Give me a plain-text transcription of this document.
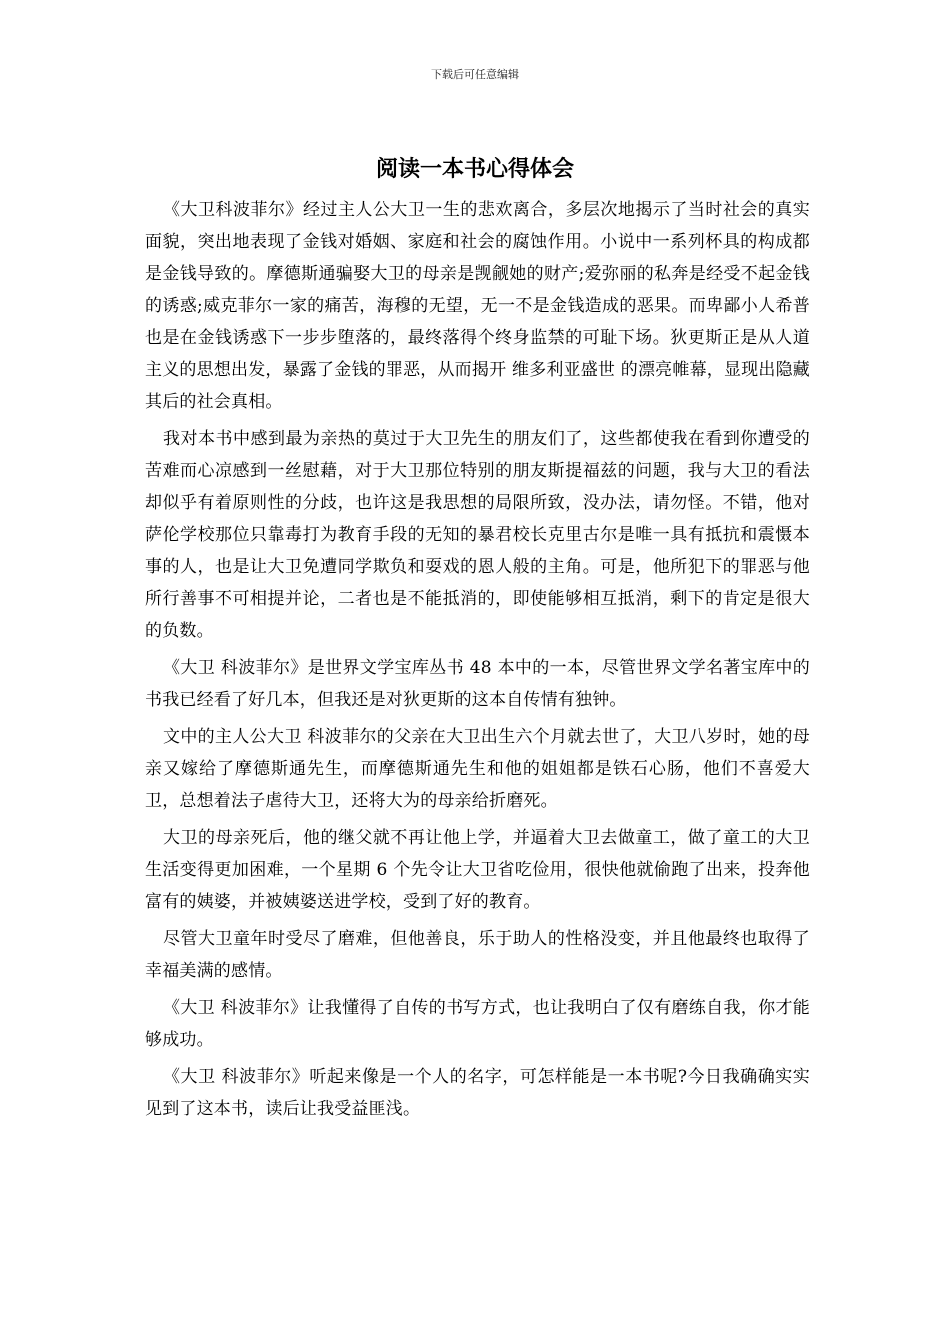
下载后可任意编辑
阅读一本书心得体会

《大卫科波菲尔》经过主人公大卫一生的悲欢离合，多层次地揭示了当时社会的真实面貌，突出地表现了金钱对婚姻、家庭和社会的腐蚀作用。小说中一系列杯具的构成都是金钱导致的。摩德斯通骗娶大卫的母亲是觊觎她的财产;爱弥丽的私奔是经受不起金钱的诱惑;威克菲尔一家的痛苦，海穆的无望，无一不是金钱造成的恶果。而卑鄙小人希普也是在金钱诱惑下一步步堕落的，最终落得个终身监禁的可耻下场。狄更斯正是从人道主义的思想出发，暴露了金钱的罪恶，从而揭开 维多利亚盛世 的漂亮帷幕，显现出隐藏其后的社会真相。

我对本书中感到最为亲热的莫过于大卫先生的朋友们了，这些都使我在看到你遭受的苦难而心凉感到一丝慰藉，对于大卫那位特别的朋友斯提福兹的问题，我与大卫的看法却似乎有着原则性的分歧，也许这是我思想的局限所致，没办法，请勿怪。不错，他对萨伦学校那位只靠毒打为教育手段的无知的暴君校长克里古尔是唯一具有抵抗和震慑本事的人，也是让大卫免遭同学欺负和耍戏的恩人般的主角。可是，他所犯下的罪恶与他所行善事不可相提并论，二者也是不能抵消的，即使能够相互抵消，剩下的肯定是很大的负数。

《大卫 科波菲尔》是世界文学宝库丛书 48 本中的一本，尽管世界文学名著宝库中的书我已经看了好几本，但我还是对狄更斯的这本自传情有独钟。

文中的主人公大卫 科波菲尔的父亲在大卫出生六个月就去世了，大卫八岁时，她的母亲又嫁给了摩德斯通先生，而摩德斯通先生和他的姐姐都是铁石心肠，他们不喜爱大卫，总想着法子虐待大卫，还将大为的母亲给折磨死。

大卫的母亲死后，他的继父就不再让他上学，并逼着大卫去做童工，做了童工的大卫生活变得更加困难，一个星期 6 个先令让大卫省吃俭用，很快他就偷跑了出来，投奔他富有的姨婆，并被姨婆送进学校，受到了好的教育。

尽管大卫童年时受尽了磨难，但他善良，乐于助人的性格没变，并且他最终也取得了幸福美满的感情。

《大卫 科波菲尔》让我懂得了自传的书写方式，也让我明白了仅有磨练自我，你才能够成功。

《大卫 科波菲尔》听起来像是一个人的名字，可怎样能是一本书呢?今日我确确实实见到了这本书，读后让我受益匪浅。
